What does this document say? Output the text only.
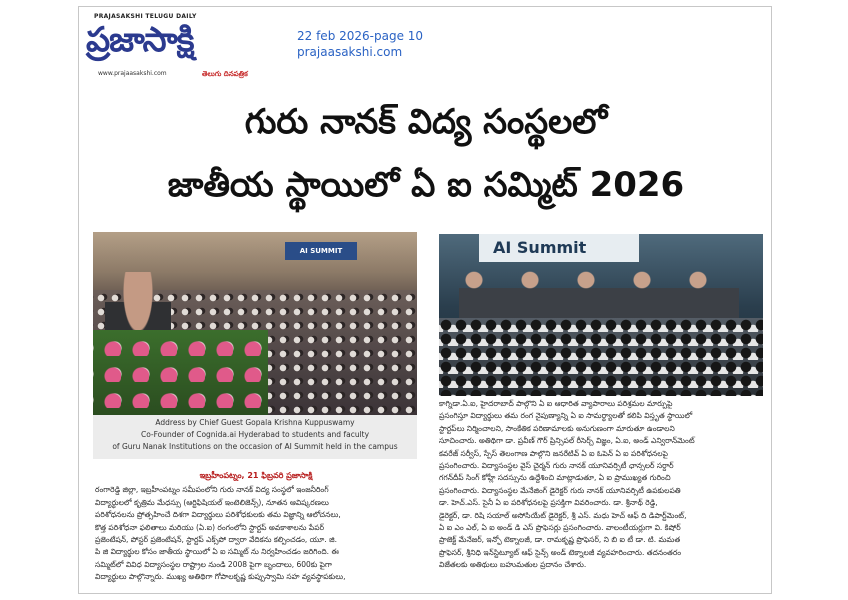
PRAJASAKSHI TELUGU DAILY
ప్రజాసాక్షి
www.prajaasakshi.com	తెలుగు దినపత్రిక
22 feb 2026-page 10
prajaasakshi.com
గురు నానక్ విద్య సంస్థలలో
జాతీయ స్థాయిలో ఏ ఐ సమ్మిట్ 2026
AI SUMMIT
Address by Chief Guest Gopala Krishna Kuppuswamy
Co-Founder of Cognida.ai Hyderabad to students and faculty
of Guru Nanak Institutions on the occasion of AI Summit held in the campus
AI Summit
ఇబ్రహీంపట్నం, 21 ఫిబ్రవరి ప్రజాసాక్షి
రంగారెడ్డి జిల్లా, ఇబ్రహీంపట్నం సమీపంలోని గురు నానక్ విద్య సంస్థలో ఇంజనీరింగ్
విద్యార్థులలో కృత్రిమ మేధస్సు (ఆర్టిఫిషియల్ ఇంటెలిజెన్స్), నూతన ఆవిష్కరణలు
పరిశోధనలను ప్రోత్సహించే దిశగా విద్యార్థులు పరిశోధకులకు తమ విజ్ఞాన్ని ఆలోచనలు,
కొత్త పరిశోధనా ఫలితాలు మరియు (ఏ.ఐ) రంగంలోని స్టార్టప్ అవకాశాలను పేపర్
ప్రజెంటేషన్, పోస్టర్ ప్రజెంటేషన్, స్టార్టప్ ఎక్స్‌పో ద్వారా వేదికను కల్పించడం, యూ. జి.
పి జి విద్యార్థుల కోసం జాతీయ స్థాయిలో ఏ ఐ సమ్మిట్ ను నిర్వహించడం జరిగింది. ఈ
సమ్మిట్‌లో వివిధ విద్యాసంస్థల రాష్ట్రాల నుండి 2008 పైగా బృందాలు, 600కు పైగా
విద్యార్థులు పాల్గొన్నారు. ముఖ్య అతిథిగా గోపాలకృష్ణ కుప్పుస్వామి సహ వ్యవస్థాపకులు,
కాగ్నిడా.ఏ.ఐ, హైదరాబాద్ పాల్గొని ఏ ఐ ఆధారిత వ్యాపారాలు పరిశ్రమల మార్పుపై
ప్రసంగిస్తూ విద్యార్థులు తమ రంగ నైపుణ్యాన్ని ఏ ఐ సామర్థ్యాలతో కలిపి విస్తృత స్థాయిలో
స్టార్టప్‌లు నిర్మించాలని, సాంకేతిక పరిణామాలకు అనుగుణంగా మారుతూ ఉండాలని
సూచించారు. అతిథిగా డా. ప్రవీణ్ గౌర్ ప్రిన్సిపల్ రీసెర్చ్ విజ్ఞం, ఏ.ఐ, అండ్ ఎన్విరాన్‌మెంట్
కవరేజ్ సర్వీస్, స్పేస్ తెలంగాణ పాల్గొని జనరేటివ్ ఏ ఐ ఓపెన్ ఏ ఐ పరిశోధనలపై
ప్రసంగించారు. విద్యాసంస్థల వైస్ చైర్మన్ గురు నానక్ యూనివర్సిటీ ఛాన్సలర్ సర్దార్
గగన్‌దీప్ సింగ్ కోహ్లీ సదస్సును ఉద్దేశించి మాట్లాడుతూ, ఏ ఐ ప్రాముఖ్యత గురించి
ప్రసంగించారు. విద్యాసంస్థల మేనేజింగ్ డైరెక్టర్ గురు నానక్ యూనివర్సిటీ ఉపకులపతి
డా. హెచ్.ఎస్. సైనీ ఏ ఐ పరిశోధనలపై ప్రసక్తిగా వివరించారు. డా. శ్రీనాథ్ రెడ్డి,
డైరెక్టర్, డా. రిషి సయాల్ అసోసియేట్ డైరెక్టర్, శ్రీ ఎస్. మధు హెచ్ ఆఫ్ ది డిపార్ట్‌మెంట్,
ఏ ఐ ఎం ఎల్, ఏ ఐ అండ్ డి ఎస్ ప్రొఫెసర్లు ప్రసంగించారు. వాలంటీయర్లుగా వి. కిషోర్
ప్రాజెక్ట్ మేనేజర్, ఇన్ఫో టెక్నాలజీ, డా. రామకృష్ణ ప్రొఫెసర్, ని బి ఐ టీ డా. టి. మమత
ప్రొఫెసర్, శ్రీనిధి ఇన్‌స్టిట్యూట్ ఆఫ్ సైన్స్ అండ్ టెక్నాలజీ వ్యవహరించారు. తదనంతరం
విజేతలకు అతిథులు బహుమతుల ప్రదానం చేశారు.
